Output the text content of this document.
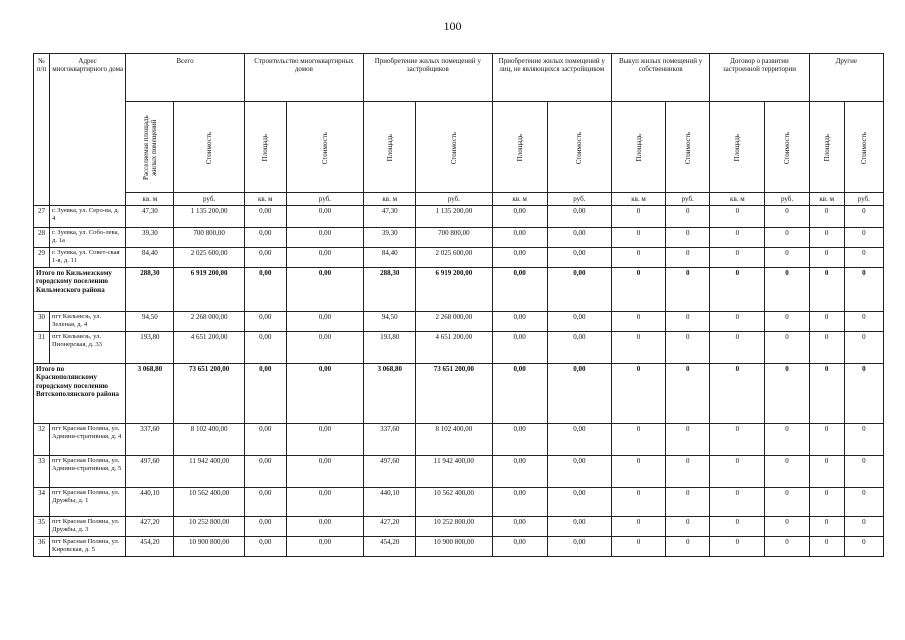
100
№ п/п	Адрес многоквартирного дома	Всего		Строительство многоквартирных домов		Приобретение жилых помещений у застройщиков		Приобретение жилых помещений у лиц, не являющихся застройщиком		Выкуп жилых помещений у собственников		Договор о развитии застроенной территории		Другие	

		Расселяемая площадь жилых помещений	Стоимость	Площадь	Стоимость	Площадь	Стоимость	Площадь	Стоимость	Площадь	Стоимость	Площадь	Стоимость	Площадь	Стоимость

		кв. м	руб.	кв. м	руб.	кв. м	руб.	кв. м	руб.	кв. м	руб.	кв. м	руб.	кв. м	руб.
27	г. Зуевка, ул. Серо-ва, д. 4	47,30	1 135 200,00	0,00	0,00	47,30	1 135 200,00	0,00	0,00	0	0	0	0	0	0
28	г. Зуевка, ул. Собо-лева, д. 1а	39,30	700 800,00	0,00	0,00	39,30	700 800,00	0,00	0,00	0	0	0	0	0	0
29	г. Зуевка, ул. Совет-ская 1-я, д. 11	84,40	2 025 600,00	0,00	0,00	84,40	2 025 600,00	0,00	0,00	0	0	0	0	0	0
Итого по Кильмезскому городскому поселению Кильмезского района		288,30	6 919 200,00	0,00	0,00	288,30	6 919 200,00	0,00	0,00	0	0	0	0	0	0
30	пгт Кильмезь, ул. Зеленая, д. 4	94,50	2 268 000,00	0,00	0,00	94,50	2 268 000,00	0,00	0,00	0	0	0	0	0	0
31	пгт Кильмезь, ул. Пионерская, д. 33	193,80	4 651 200,00	0,00	0,00	193,80	4 651 200,00	0,00	0,00	0	0	0	0	0	0
Итого по Краснополянскому городскому поселению Вятскополянского района		3 068,80	73 651 200,00	0,00	0,00	3 068,80	73 651 200,00	0,00	0,00	0	0	0	0	0	0
32	пгт Красная Поляна, ул. Админи-стративная, д. 4	337,60	8 102 400,00	0,00	0,00	337,60	8 102 400,00	0,00	0,00	0	0	0	0	0	0
33	пгт Красная Поляна, ул. Админи-стративная, д. 5	497,60	11 942 400,00	0,00	0,00	497,60	11 942 400,00	0,00	0,00	0	0	0	0	0	0
34	пгт Красная Поляна, ул. Дружбы, д. 1	440,10	10 562 400,00	0,00	0,00	440,10	10 562 400,00	0,00	0,00	0	0	0	0	0	0
35	пгт Красная Поляна, ул. Дружбы, д. 3	427,20	10 252 800,00	0,00	0,00	427,20	10 252 800,00	0,00	0,00	0	0	0	0	0	0
36	пгт Красная Поляна, ул. Кировская, д. 5	454,20	10 900 800,00	0,00	0,00	454,20	10 900 800,00	0,00	0,00	0	0	0	0	0	0
